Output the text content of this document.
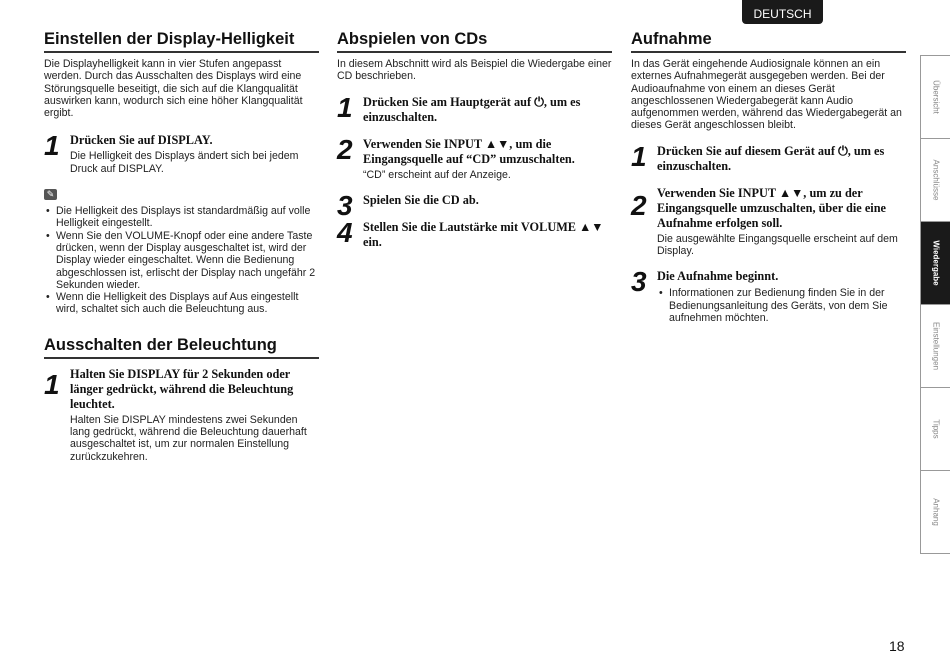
DEUTSCH
Einstellen der Display-Helligkeit

Die Displayhelligkeit kann in vier Stufen angepasst werden. Durch das Ausschalten des Displays wird eine Störungsquelle beseitigt, die sich auf die Klangqualität auswirken kann, wodurch sich eine höher Klangqualität ergibt.

1 Drücken Sie auf DISPLAY.
Die Helligkeit des Displays ändert sich bei jedem Druck auf DISPLAY.
✎
• Die Helligkeit des Displays ist standardmäßig auf volle Helligkeit eingestellt.
• Wenn Sie den VOLUME-Knopf oder eine andere Taste drücken, wenn der Display ausgeschaltet ist, wird der Display wieder eingeschaltet. Wenn die Bedienung abgeschlossen ist, erlischt der Display nach ungefähr 2 Sekunden wieder.
• Wenn die Helligkeit des Displays auf Aus eingestellt wird, schaltet sich auch die Beleuchtung aus.
Ausschalten der Beleuchtung
1 Halten Sie DISPLAY für 2 Sekunden oder länger gedrückt, während die Beleuchtung leuchtet.
Halten Sie DISPLAY mindestens zwei Sekunden lang gedrückt, während die Beleuchtung dauerhaft ausgeschaltet ist, um zur normalen Einstellung zurückzukehren.
Abspielen von CDs

In diesem Abschnitt wird als Beispiel die Wiedergabe einer CD beschrieben.

1 Drücken Sie am Hauptgerät auf ⏻, um es einzuschalten.
2 Verwenden Sie INPUT ▲▼, um die Eingangsquelle auf “CD” umzuschalten.
“CD” erscheint auf der Anzeige.
3 Spielen Sie die CD ab.
4 Stellen Sie die Lautstärke mit VOLUME ▲▼ ein.
Aufnahme

In das Gerät eingehende Audiosignale können an ein externes Aufnahmegerät ausgegeben werden. Bei der Audioaufnahme von einem an dieses Gerät angeschlossenen Wiedergabegerät kann Audio aufgenommen werden, während das Wiedergabegerät an dieses Gerät angeschlossen bleibt.

1 Drücken Sie auf diesem Gerät auf ⏻, um es einzuschalten.
2 Verwenden Sie INPUT ▲▼, um zu der Eingangsquelle umzuschalten, über die eine Aufnahme erfolgen soll.
Die ausgewählte Eingangsquelle erscheint auf dem Display.
3 Die Aufnahme beginnt.
• Informationen zur Bedienung finden Sie in der Bedienungsanleitung des Geräts, von dem Sie aufnehmen möchten.
Übersicht
Anschlüsse
Wiedergabe
Einstellungen
Tipps
Anhang
18
